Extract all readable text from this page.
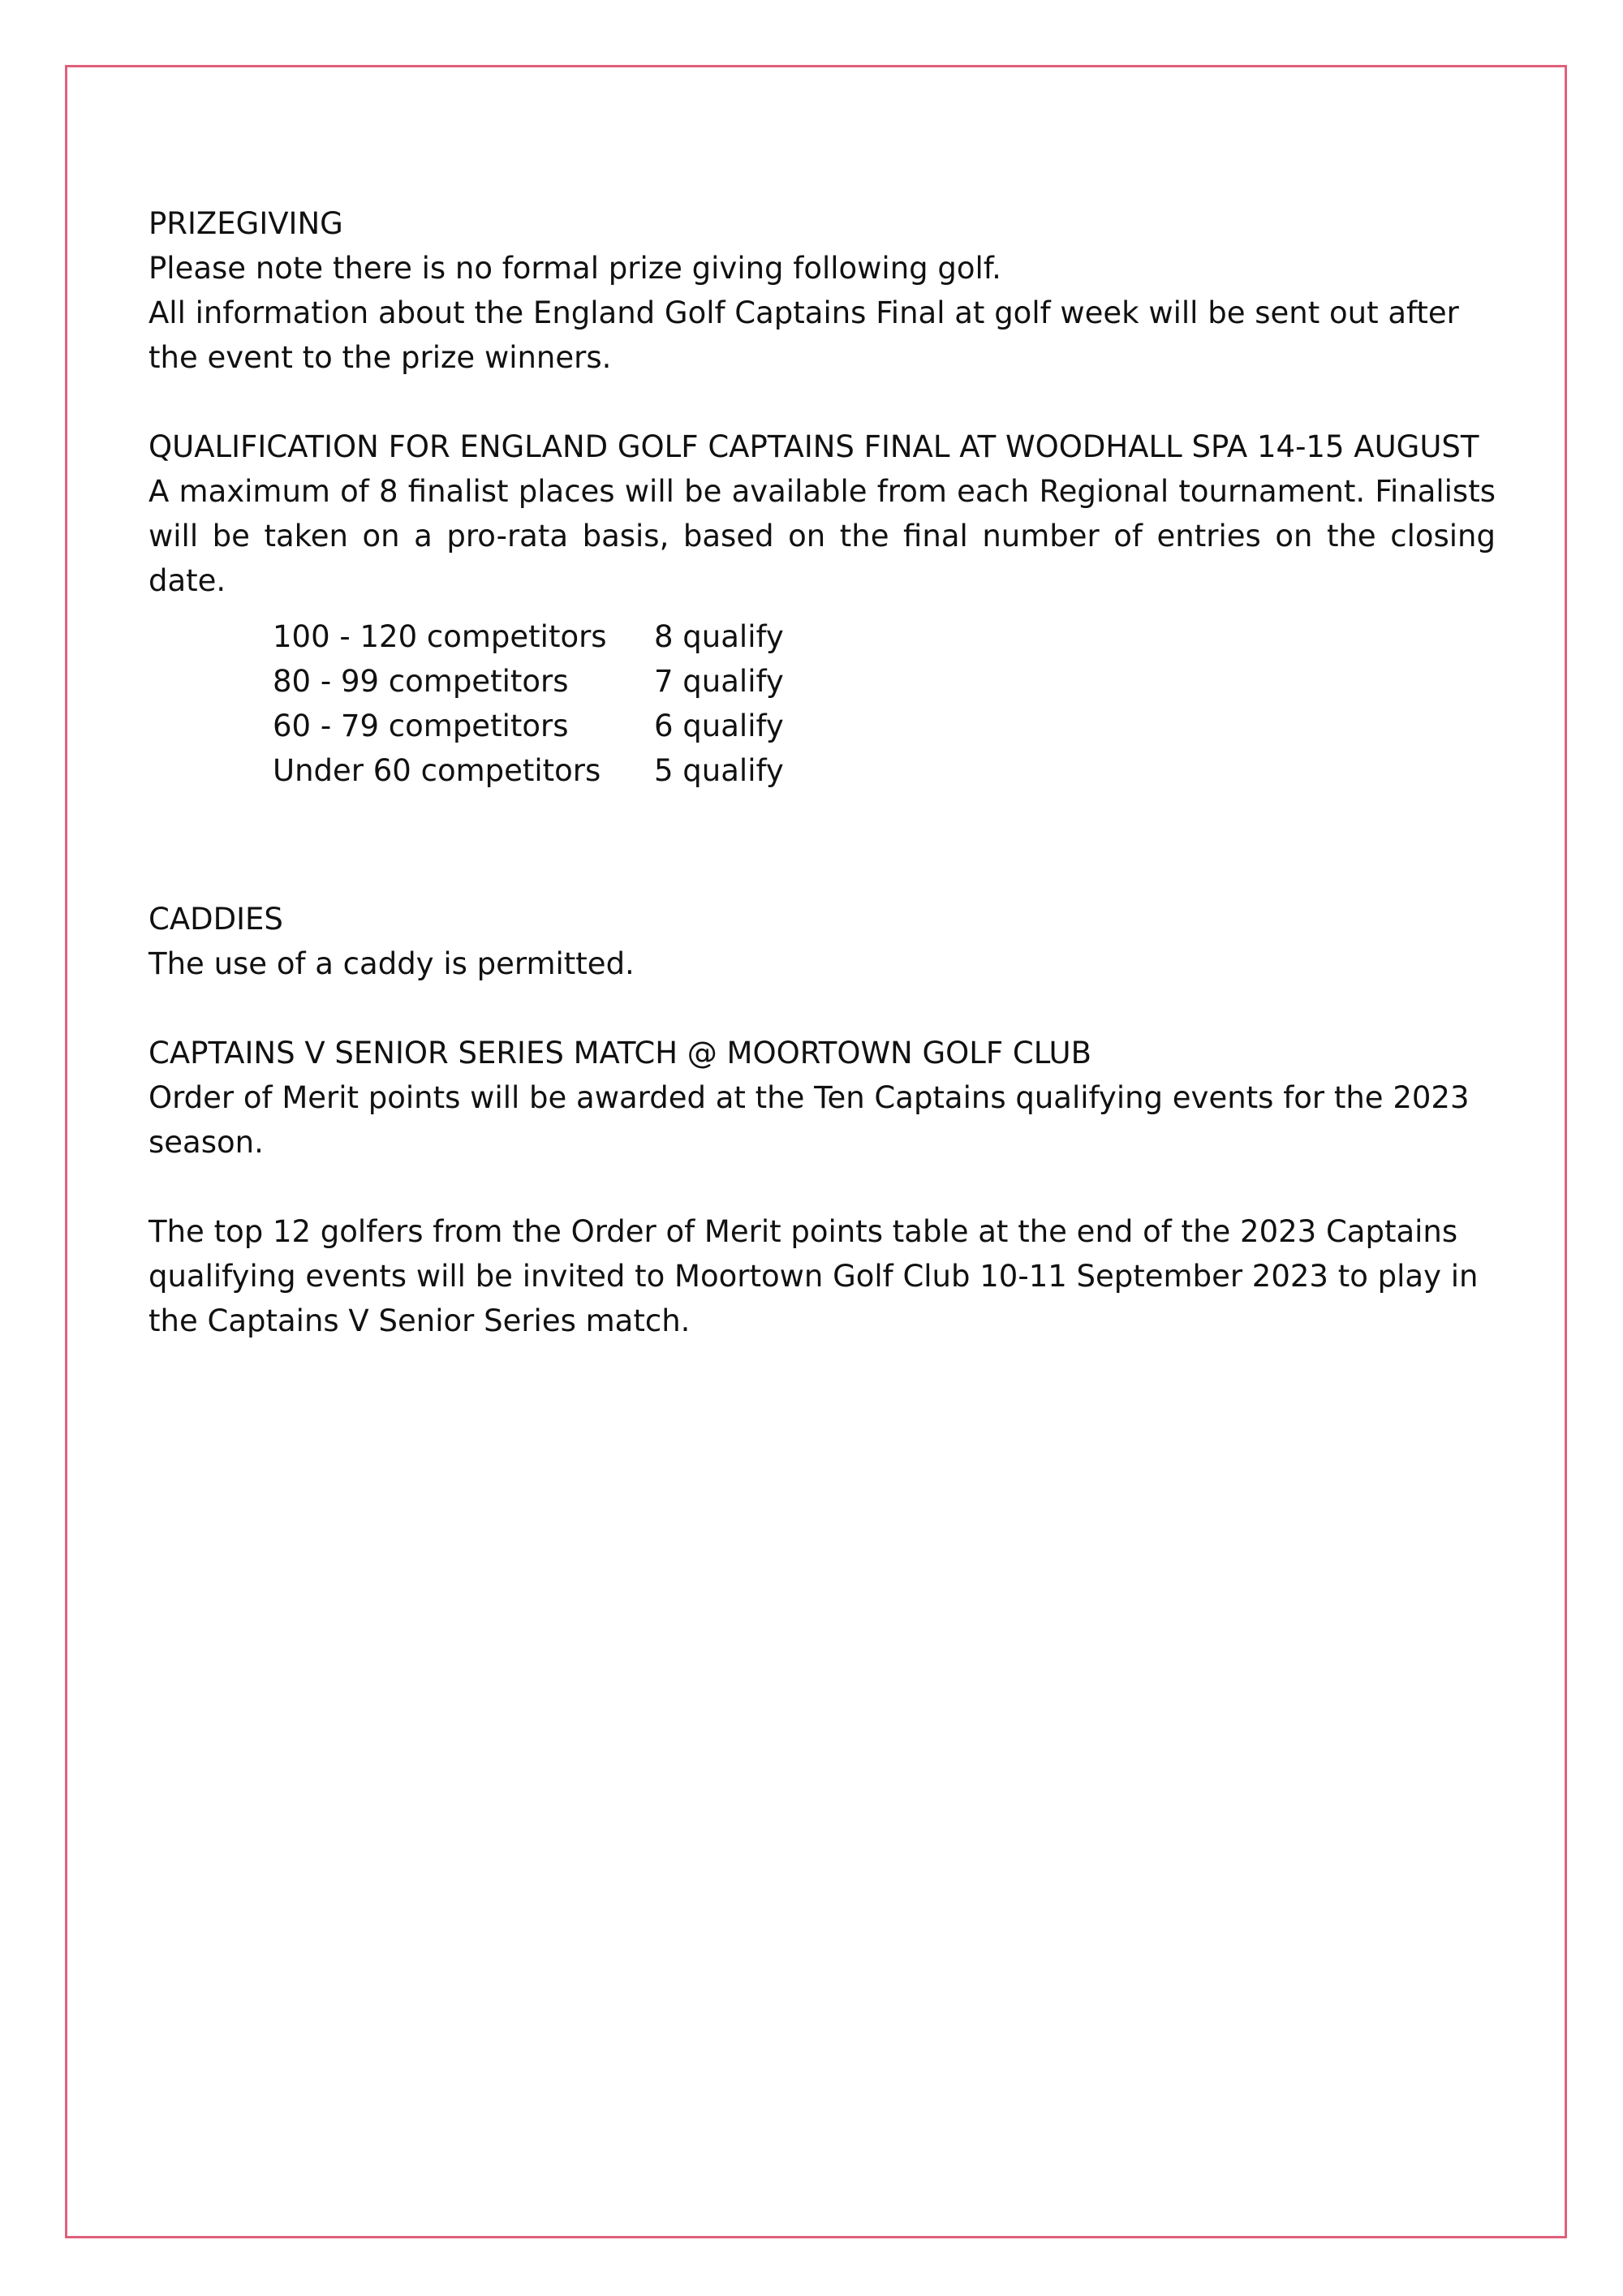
PRIZEGIVING

Please note there is no formal prize giving following golf.

All information about the England Golf Captains Final at golf week will be sent out after the event to the prize winners.

QUALIFICATION FOR ENGLAND GOLF CAPTAINS FINAL AT WOODHALL SPA 14-15 AUGUST

A maximum of 8 finalist places will be available from each Regional tournament. Finalists will be taken on a pro-rata basis, based on the final number of entries on the closing date.

100 - 120 competitors	8 qualify
80 - 99 competitors	7 qualify
60 - 79 competitors	6 qualify
Under 60 competitors	5 qualify

CADDIES

The use of a caddy is permitted.

CAPTAINS V SENIOR SERIES MATCH @ MOORTOWN GOLF CLUB

Order of Merit points will be awarded at the Ten Captains qualifying events for the 2023 season.

The top 12 golfers from the Order of Merit points table at the end of the 2023 Captains qualifying events will be invited to Moortown Golf Club 10-11 September 2023 to play in the Captains V Senior Series match.
